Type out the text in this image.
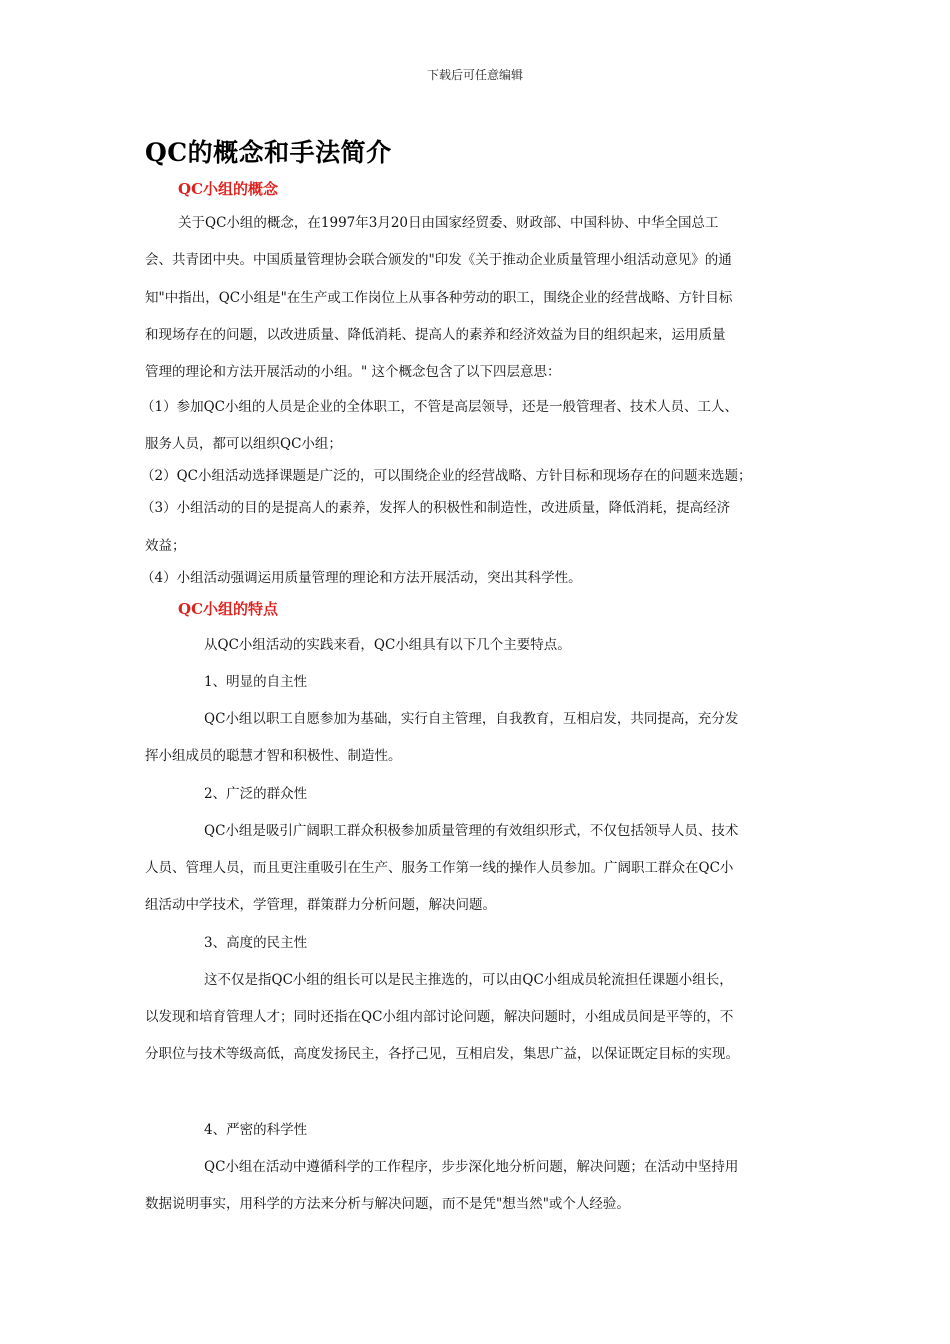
下载后可任意编辑
QC的概念和手法简介
QC小组的概念

关于QC小组的概念，在1997年3月20日由国家经贸委、财政部、中国科协、中华全国总工

会、共青团中央。中国质量管理协会联合颁发的"印发《关于推动企业质量管理小组活动意见》的通

知"中指出，QC小组是"在生产或工作岗位上从事各种劳动的职工，围绕企业的经营战略、方针目标

和现场存在的问题，以改进质量、降低消耗、提高人的素养和经济效益为目的组织起来，运用质量

管理的理论和方法开展活动的小组。" 这个概念包含了以下四层意思：

（1）参加QC小组的人员是企业的全体职工，不管是高层领导，还是一般管理者、技术人员、工人、

服务人员，都可以组织QC小组；

（2）QC小组活动选择课题是广泛的，可以围绕企业的经营战略、方针目标和现场存在的问题来选题；

（3）小组活动的目的是提高人的素养，发挥人的积极性和制造性，改进质量，降低消耗，提高经济

效益；

（4）小组活动强调运用质量管理的理论和方法开展活动，突出其科学性。

QC小组的特点

从QC小组活动的实践来看，QC小组具有以下几个主要特点。

1、明显的自主性

QC小组以职工自愿参加为基础，实行自主管理，自我教育，互相启发，共同提高，充分发

挥小组成员的聪慧才智和积极性、制造性。

2、广泛的群众性

QC小组是吸引广阔职工群众积极参加质量管理的有效组织形式，不仅包括领导人员、技术

人员、管理人员，而且更注重吸引在生产、服务工作第一线的操作人员参加。广阔职工群众在QC小

组活动中学技术，学管理，群策群力分析问题，解决问题。

3、高度的民主性

这不仅是指QC小组的组长可以是民主推选的，可以由QC小组成员轮流担任课题小组长，

以发现和培育管理人才；同时还指在QC小组内部讨论问题，解决问题时，小组成员间是平等的，不

分职位与技术等级高低，高度发扬民主，各抒己见，互相启发，集思广益，以保证既定目标的实现。

4、严密的科学性

QC小组在活动中遵循科学的工作程序，步步深化地分析问题，解决问题；在活动中坚持用

数据说明事实，用科学的方法来分析与解决问题，而不是凭"想当然"或个人经验。
